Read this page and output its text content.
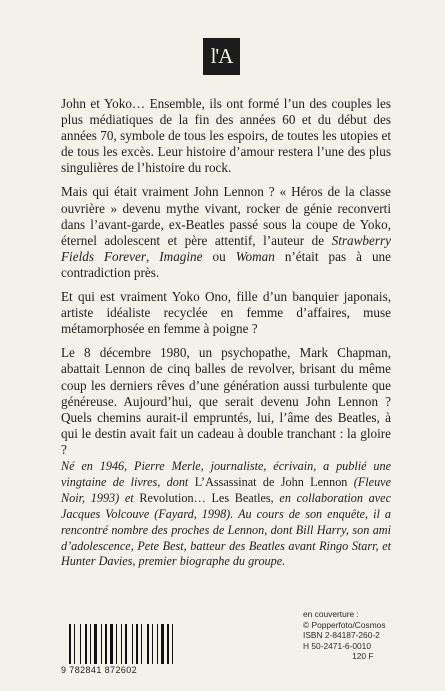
l'A

John et Yoko… Ensemble, ils ont formé l’un des couples les plus médiatiques de la fin des années 60 et du début des années 70, symbole de tous les espoirs, de toutes les utopies et de tous les excès. Leur histoire d’amour restera l’une des plus singulières de l’histoire du rock.

Mais qui était vraiment John Lennon ? « Héros de la classe ouvrière » devenu mythe vivant, rocker de génie reconverti dans l’avant-garde, ex-Beatles passé sous la coupe de Yoko, éternel adolescent et père attentif, l’auteur de Strawberry Fields Forever, Imagine ou Woman n’était pas à une contradiction près.

Et qui est vraiment Yoko Ono, fille d’un banquier japonais, artiste idéaliste recyclée en femme d’affaires, muse métamorphosée en femme à poigne ?

Le 8 décembre 1980, un psychopathe, Mark Chapman, abattait Lennon de cinq balles de revolver, brisant du même coup les derniers rêves d’une génération aussi turbulente que généreuse. Aujourd’hui, que serait devenu John Lennon ? Quels chemins aurait-il empruntés, lui, l’âme des Beatles, à qui le destin avait fait un cadeau à double tranchant : la gloire ?

Né en 1946, Pierre Merle, journaliste, écrivain, a publié une vingtaine de livres, dont L’Assassinat de John Lennon (Fleuve Noir, 1993) et Revolution… Les Beatles, en collaboration avec Jacques Volcouve (Fayard, 1998). Au cours de son enquête, il a rencontré nombre des proches de Lennon, dont Bill Harry, son ami d’adolescence, Pete Best, batteur des Beatles avant Ringo Starr, et Hunter Davies, premier biographe du groupe.

9 782841 872602
en couverture :
© Popperfoto/Cosmos
ISBN 2-84187-260-2
H 50-2471-6-0010
120 F
